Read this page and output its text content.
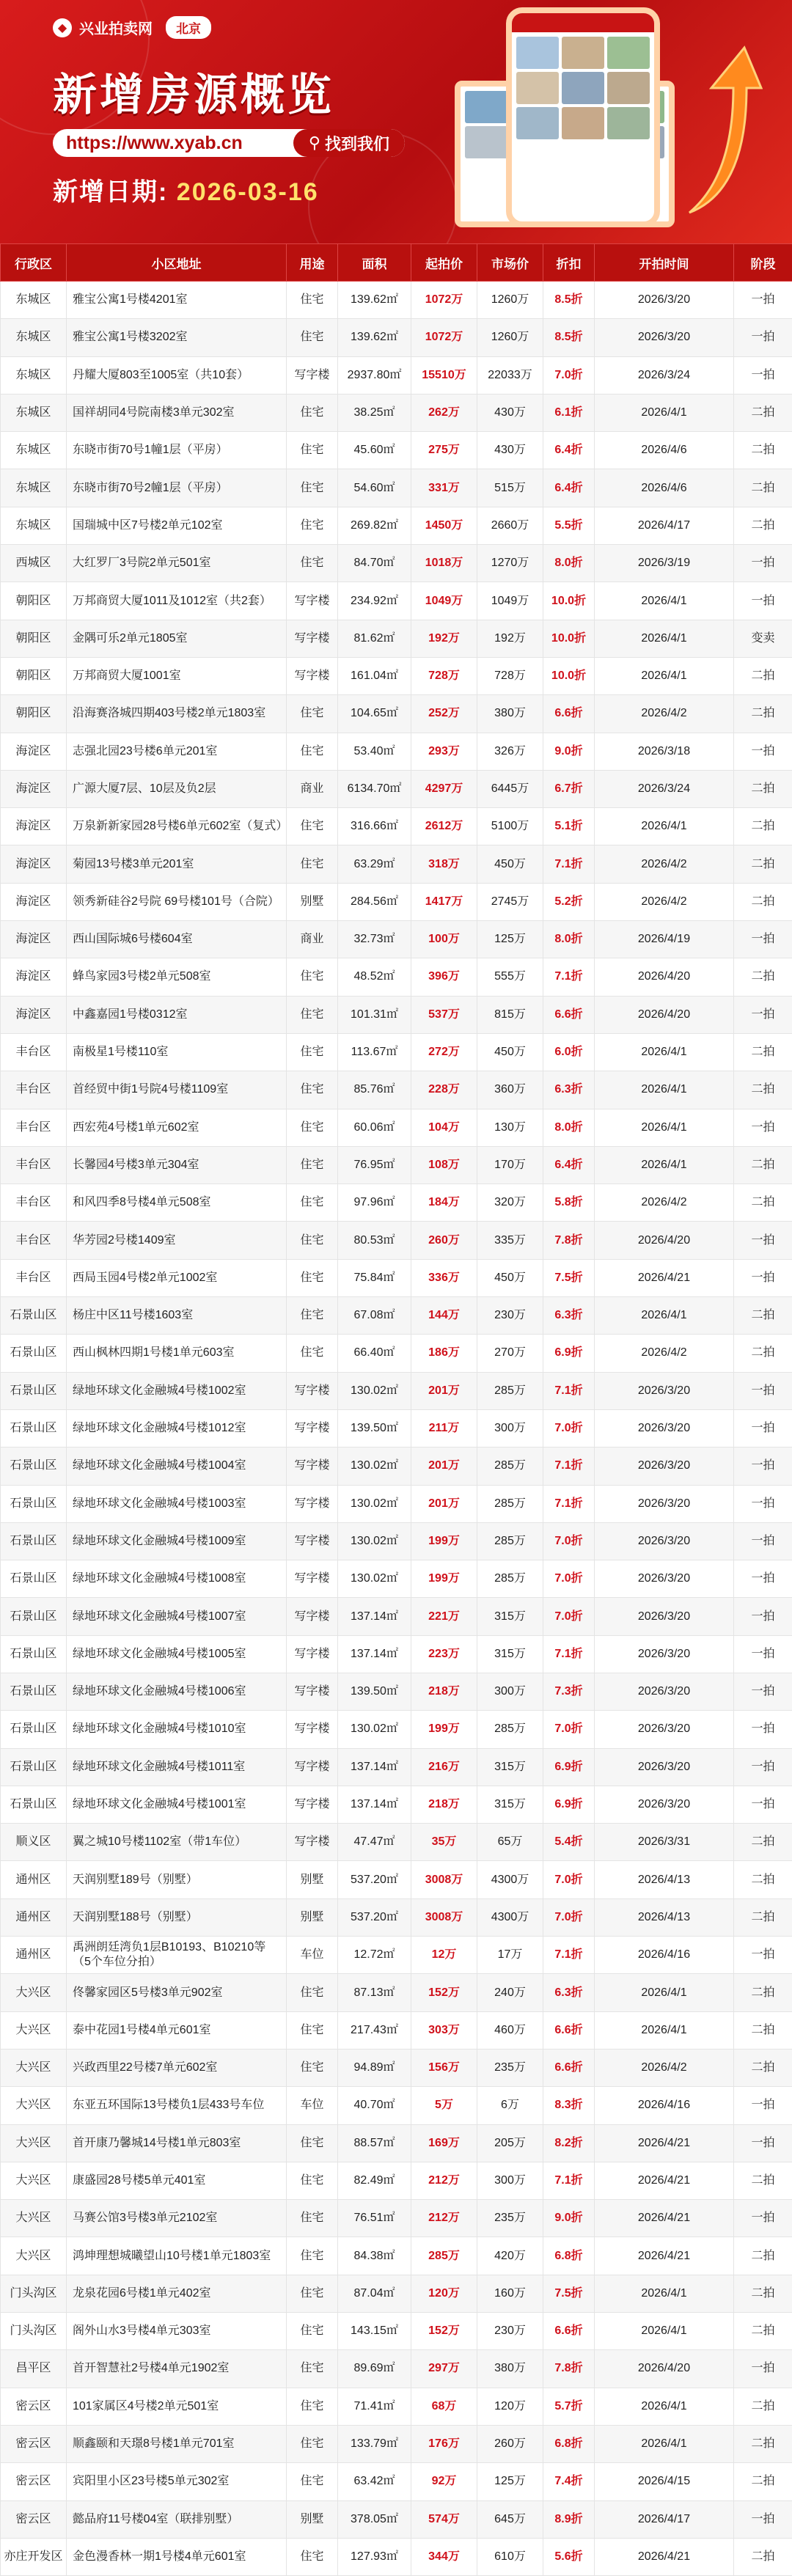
◆ 兴业拍卖网	北京
新增房源概览
https://www.xyab.cn	⚲ 找到我们
新增日期: 2026-03-16
行政区	小区地址	用途	面积	起拍价	市场价	折扣	开拍时间	阶段
东城区	雅宝公寓1号楼4201室	住宅	139.62㎡	1072万	1260万	8.5折	2026/3/20	一拍
东城区	雅宝公寓1号楼3202室	住宅	139.62㎡	1072万	1260万	8.5折	2026/3/20	一拍
东城区	丹耀大厦803至1005室（共10套）	写字楼	2937.80㎡	15510万	22033万	7.0折	2026/3/24	一拍
东城区	国祥胡同4号院南楼3单元302室	住宅	38.25㎡	262万	430万	6.1折	2026/4/1	二拍
东城区	东晓市街70号1幢1层（平房）	住宅	45.60㎡	275万	430万	6.4折	2026/4/6	二拍
东城区	东晓市街70号2幢1层（平房）	住宅	54.60㎡	331万	515万	6.4折	2026/4/6	二拍
东城区	国瑞城中区7号楼2单元102室	住宅	269.82㎡	1450万	2660万	5.5折	2026/4/17	二拍
西城区	大红罗厂3号院2单元501室	住宅	84.70㎡	1018万	1270万	8.0折	2026/3/19	一拍
朝阳区	万邦商贸大厦1011及1012室（共2套）	写字楼	234.92㎡	1049万	1049万	10.0折	2026/4/1	一拍
朝阳区	金隅可乐2单元1805室	写字楼	81.62㎡	192万	192万	10.0折	2026/4/1	变卖
朝阳区	万邦商贸大厦1001室	写字楼	161.04㎡	728万	728万	10.0折	2026/4/1	二拍
朝阳区	沿海赛洛城四期403号楼2单元1803室	住宅	104.65㎡	252万	380万	6.6折	2026/4/2	二拍
海淀区	志强北园23号楼6单元201室	住宅	53.40㎡	293万	326万	9.0折	2026/3/18	一拍
海淀区	广源大厦7层、10层及负2层	商业	6134.70㎡	4297万	6445万	6.7折	2026/3/24	二拍
海淀区	万泉新新家园28号楼6单元602室（复式）	住宅	316.66㎡	2612万	5100万	5.1折	2026/4/1	二拍
海淀区	菊园13号楼3单元201室	住宅	63.29㎡	318万	450万	7.1折	2026/4/2	二拍
海淀区	领秀新硅谷2号院 69号楼101号（合院）	别墅	284.56㎡	1417万	2745万	5.2折	2026/4/2	二拍
海淀区	西山国际城6号楼604室	商业	32.73㎡	100万	125万	8.0折	2026/4/19	一拍
海淀区	蜂鸟家园3号楼2单元508室	住宅	48.52㎡	396万	555万	7.1折	2026/4/20	二拍
海淀区	中鑫嘉园1号楼0312室	住宅	101.31㎡	537万	815万	6.6折	2026/4/20	一拍
丰台区	南极星1号楼110室	住宅	113.67㎡	272万	450万	6.0折	2026/4/1	二拍
丰台区	首经贸中街1号院4号楼1109室	住宅	85.76㎡	228万	360万	6.3折	2026/4/1	二拍
丰台区	西宏苑4号楼1单元602室	住宅	60.06㎡	104万	130万	8.0折	2026/4/1	一拍
丰台区	长馨园4号楼3单元304室	住宅	76.95㎡	108万	170万	6.4折	2026/4/1	二拍
丰台区	和风四季8号楼4单元508室	住宅	97.96㎡	184万	320万	5.8折	2026/4/2	二拍
丰台区	华芳园2号楼1409室	住宅	80.53㎡	260万	335万	7.8折	2026/4/20	一拍
丰台区	西局玉园4号楼2单元1002室	住宅	75.84㎡	336万	450万	7.5折	2026/4/21	一拍
石景山区	杨庄中区11号楼1603室	住宅	67.08㎡	144万	230万	6.3折	2026/4/1	二拍
石景山区	西山枫林四期1号楼1单元603室	住宅	66.40㎡	186万	270万	6.9折	2026/4/2	二拍
石景山区	绿地环球文化金融城4号楼1002室	写字楼	130.02㎡	201万	285万	7.1折	2026/3/20	一拍
石景山区	绿地环球文化金融城4号楼1012室	写字楼	139.50㎡	211万	300万	7.0折	2026/3/20	一拍
石景山区	绿地环球文化金融城4号楼1004室	写字楼	130.02㎡	201万	285万	7.1折	2026/3/20	一拍
石景山区	绿地环球文化金融城4号楼1003室	写字楼	130.02㎡	201万	285万	7.1折	2026/3/20	一拍
石景山区	绿地环球文化金融城4号楼1009室	写字楼	130.02㎡	199万	285万	7.0折	2026/3/20	一拍
石景山区	绿地环球文化金融城4号楼1008室	写字楼	130.02㎡	199万	285万	7.0折	2026/3/20	一拍
石景山区	绿地环球文化金融城4号楼1007室	写字楼	137.14㎡	221万	315万	7.0折	2026/3/20	一拍
石景山区	绿地环球文化金融城4号楼1005室	写字楼	137.14㎡	223万	315万	7.1折	2026/3/20	一拍
石景山区	绿地环球文化金融城4号楼1006室	写字楼	139.50㎡	218万	300万	7.3折	2026/3/20	一拍
石景山区	绿地环球文化金融城4号楼1010室	写字楼	130.02㎡	199万	285万	7.0折	2026/3/20	一拍
石景山区	绿地环球文化金融城4号楼1011室	写字楼	137.14㎡	216万	315万	6.9折	2026/3/20	一拍
石景山区	绿地环球文化金融城4号楼1001室	写字楼	137.14㎡	218万	315万	6.9折	2026/3/20	一拍
顺义区	翼之城10号楼1102室（带1车位）	写字楼	47.47㎡	35万	65万	5.4折	2026/3/31	二拍
通州区	天润别墅189号（别墅）	别墅	537.20㎡	3008万	4300万	7.0折	2026/4/13	二拍
通州区	天润别墅188号（别墅）	别墅	537.20㎡	3008万	4300万	7.0折	2026/4/13	二拍
通州区	禹洲朗廷湾负1层B10193、B10210等（5个车位分拍）	车位	12.72㎡	12万	17万	7.1折	2026/4/16	一拍
大兴区	佟馨家园区5号楼3单元902室	住宅	87.13㎡	152万	240万	6.3折	2026/4/1	二拍
大兴区	泰中花园1号楼4单元601室	住宅	217.43㎡	303万	460万	6.6折	2026/4/1	二拍
大兴区	兴政西里22号楼7单元602室	住宅	94.89㎡	156万	235万	6.6折	2026/4/2	二拍
大兴区	东亚五环国际13号楼负1层433号车位	车位	40.70㎡	5万	6万	8.3折	2026/4/16	一拍
大兴区	首开康乃馨城14号楼1单元803室	住宅	88.57㎡	169万	205万	8.2折	2026/4/21	一拍
大兴区	康盛园28号楼5单元401室	住宅	82.49㎡	212万	300万	7.1折	2026/4/21	二拍
大兴区	马赛公馆3号楼3单元2102室	住宅	76.51㎡	212万	235万	9.0折	2026/4/21	一拍
大兴区	鸿坤理想城曦望山10号楼1单元1803室	住宅	84.38㎡	285万	420万	6.8折	2026/4/21	二拍
门头沟区	龙泉花园6号楼1单元402室	住宅	87.04㎡	120万	160万	7.5折	2026/4/1	二拍
门头沟区	阁外山水3号楼4单元303室	住宅	143.15㎡	152万	230万	6.6折	2026/4/1	二拍
昌平区	首开智慧社2号楼4单元1902室	住宅	89.69㎡	297万	380万	7.8折	2026/4/20	一拍
密云区	101家属区4号楼2单元501室	住宅	71.41㎡	68万	120万	5.7折	2026/4/1	二拍
密云区	顺鑫颐和天璟8号楼1单元701室	住宅	133.79㎡	176万	260万	6.8折	2026/4/1	二拍
密云区	宾阳里小区23号楼5单元302室	住宅	63.42㎡	92万	125万	7.4折	2026/4/15	二拍
密云区	懿品府11号楼04室（联排别墅）	别墅	378.05㎡	574万	645万	8.9折	2026/4/17	一拍
亦庄开发区	金色漫香林一期1号楼4单元601室	住宅	127.93㎡	344万	610万	5.6折	2026/4/21	二拍
